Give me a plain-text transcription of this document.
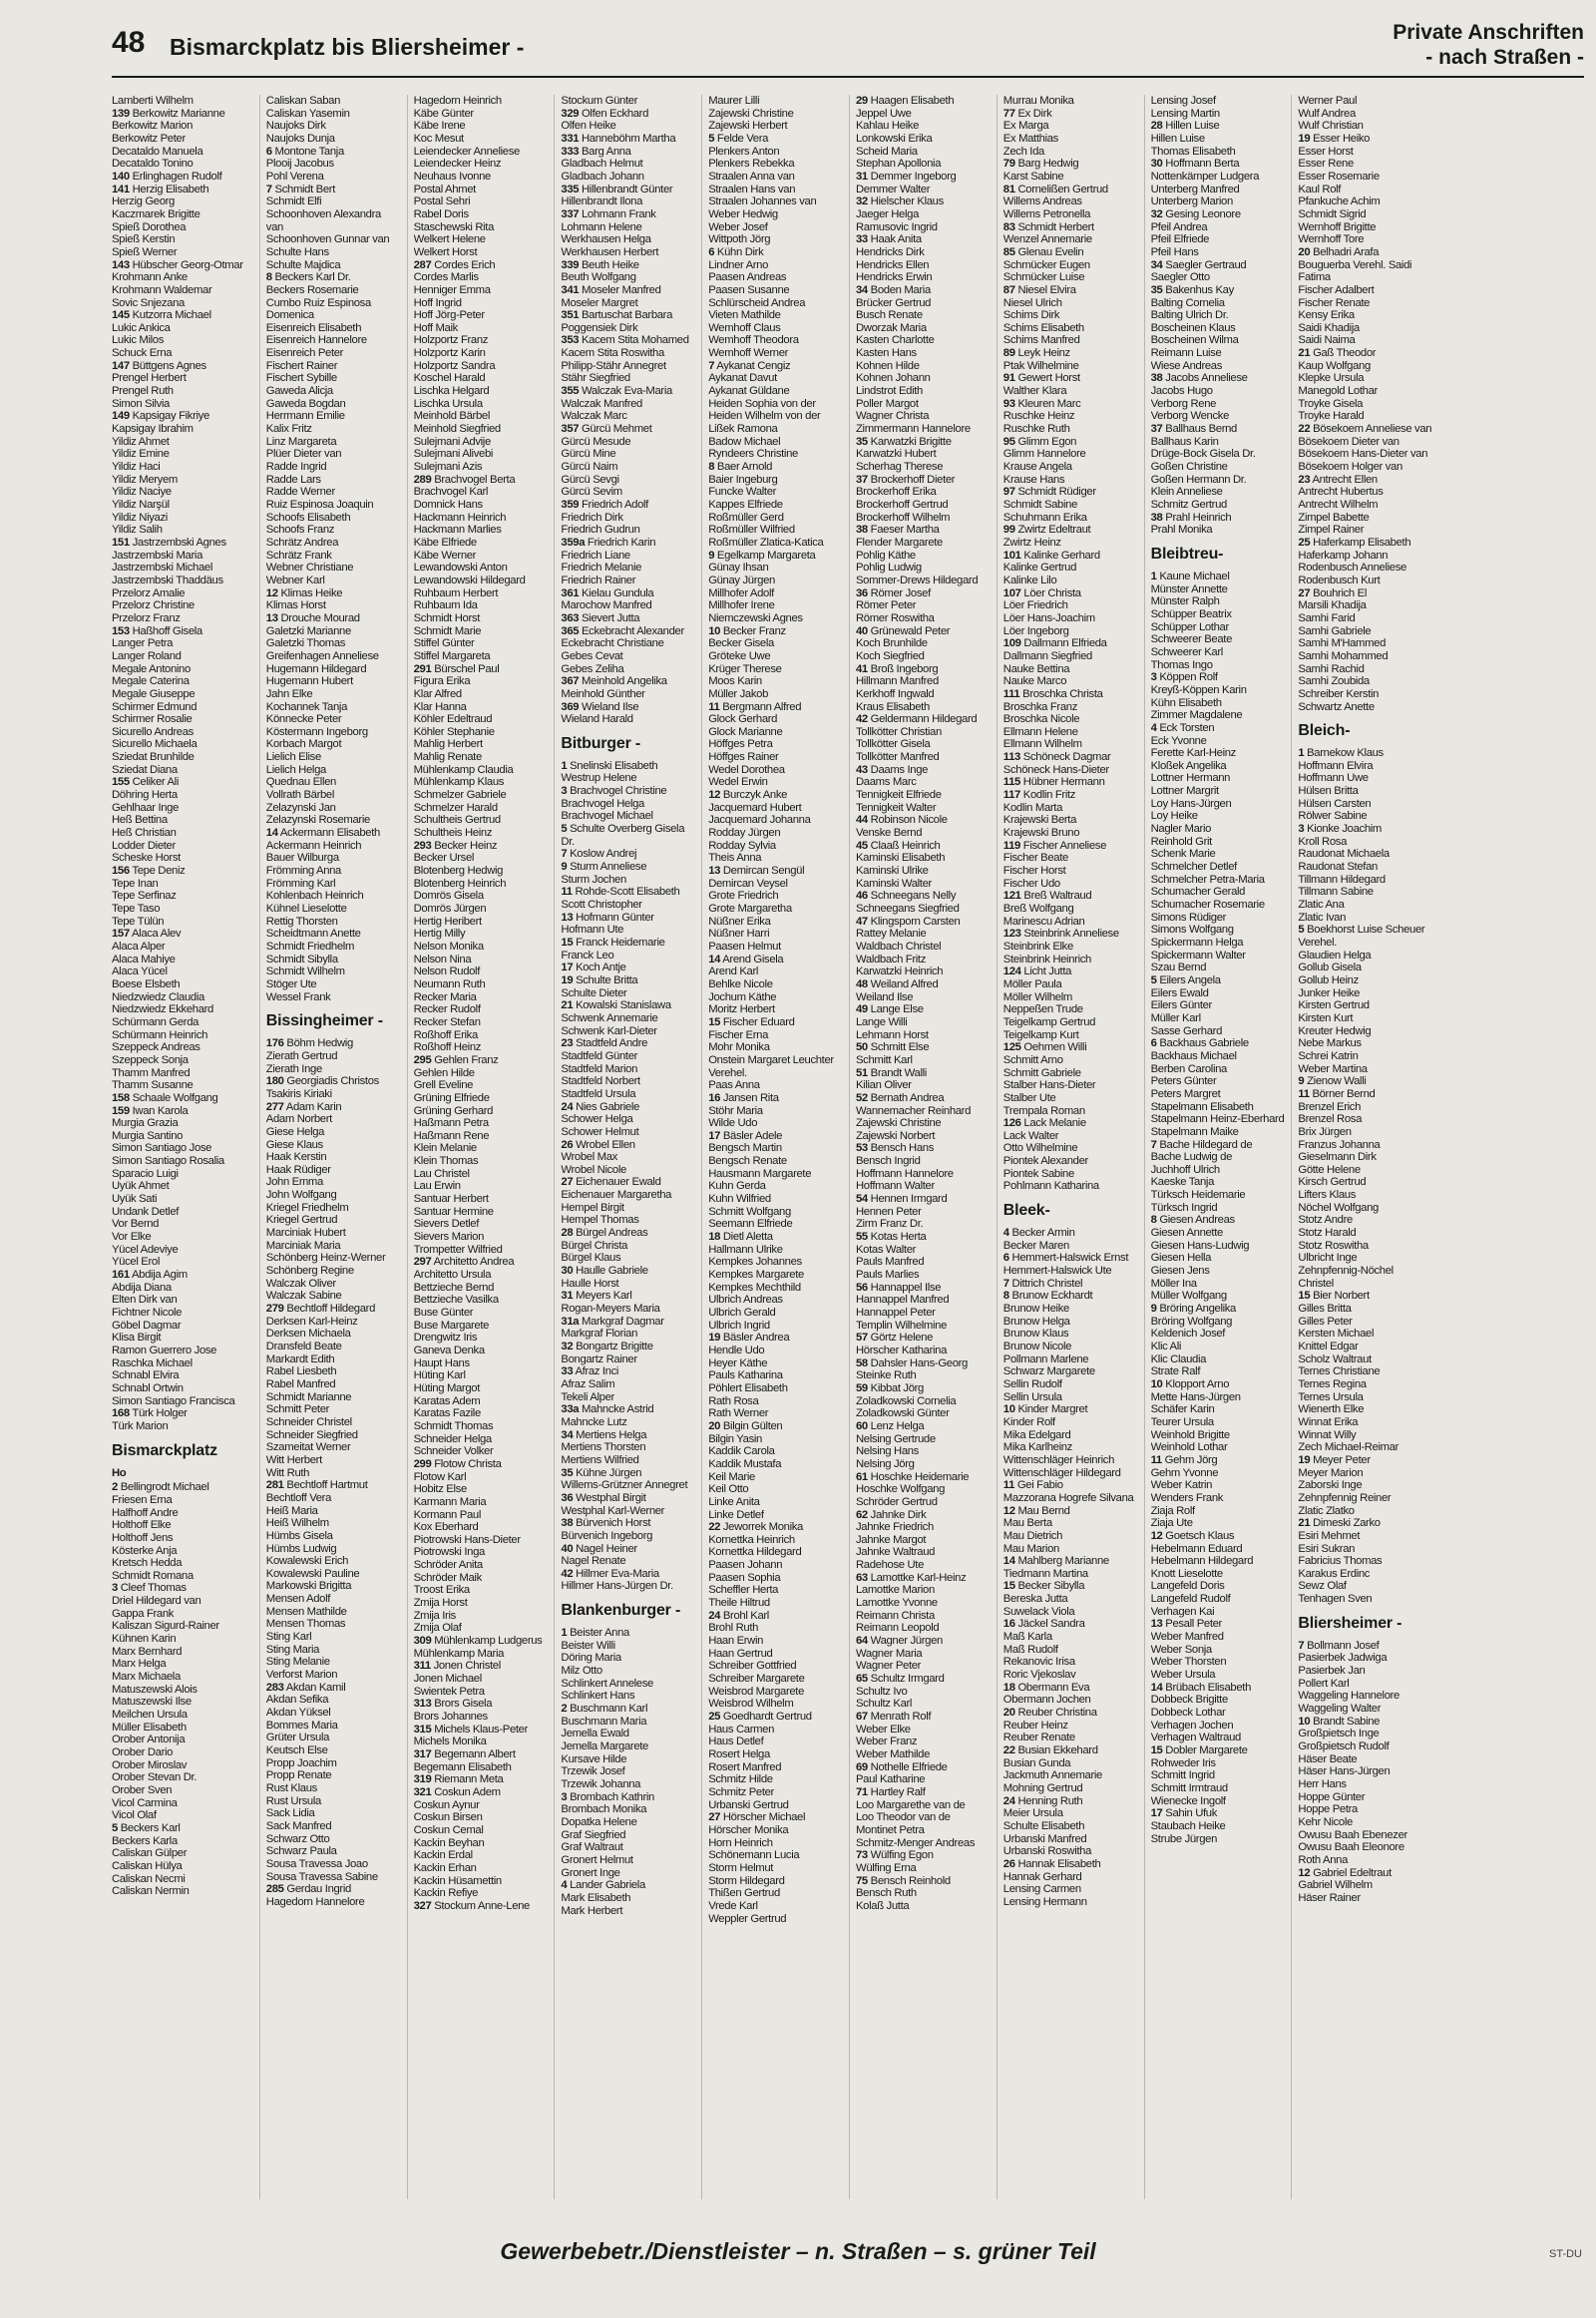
48 Bismarckplatz bis Bliersheimer -
Private Anschriften
- nach Straßen -
Lamberti Wilhelm
139 Berkowitz Marianne
Berkowitz Marion
Berkowitz Peter
Decataldo Manuela
Decataldo Tonino
140 Erlinghagen Rudolf
141 Herzig Elisabeth
Herzig Georg
Kaczmarek Brigitte
Spieß Dorothea
Spieß Kerstin
Spieß Werner
143 Hübscher Georg-Otmar
Krohmann Anke
Krohmann Waldemar
Sovic Snjezana
145 Kutzorra Michael
Lukic Ankica
Lukic Milos
Schuck Erna
147 Büttgens Agnes
Prengel Herbert
Prengel Ruth
Simon Silvia
149 Kapsigay Fikriye
Kapsigay Ibrahim
Yildiz Ahmet
Yildiz Emine
Yildiz Haci
Yildiz Meryem
Yildiz Naciye
Yildiz Narşül
Yildiz Niyazi
Yildiz Salih
151 Jastrzembski Agnes
Jastrzembski Maria
Jastrzembski Michael
Jastrzembski Thaddäus
Przelorz Amalie
Przelorz Christine
Przelorz Franz
153 Haßhoff Gisela
Langer Petra
Langer Roland
Megale Antonino
Megale Caterina
Megale Giuseppe
Schirmer Edmund
Schirmer Rosalie
Sicurello Andreas
Sicurello Michaela
Sziedat Brunhilde
Sziedat Diana
155 Celiker Ali
Döhring Herta
Gehlhaar Inge
Heß Bettina
Heß Christian
Lodder Dieter
Scheske Horst
156 Tepe Deniz
Tepe Inan
Tepe Serfinaz
Tepe Taso
Tepe Tülün
157 Alaca Alev
Alaca Alper
Alaca Mahiye
Alaca Yücel
Boese Elsbeth
Niedzwiedz Claudia
Niedzwiedz Ekkehard
Schürmann Gerda
Schürmann Heinrich
Szeppeck Andreas
Szeppeck Sonja
Thamm Manfred
Thamm Susanne
158 Schaale Wolfgang
159 Iwan Karola
Murgia Grazia
Murgia Santino
Simon Santiago Jose
Simon Santiago Rosalia
Sparacio Luigi
Uyük Ahmet
Uyük Sati
Undank Detlef
Vor Bernd
Vor Elke
Yücel Adeviye
Yücel Erol
161 Abdija Agim
Abdija Diana
Elten Dirk van
Fichtner Nicole
Göbel Dagmar
Klisa Birgit
Ramon Guerrero Jose
Raschka Michael
Schnabl Elvira
Schnabl Ortwin
Simon Santiago Francisca
168 Türk Holger
Türk Marion
Bismarckplatz
Ho
2 Bellingrodt Michael
Friesen Erna
Halfhoff Andre
Holthoff Elke
Holthoff Jens
Kösterke Anja
Kretsch Hedda
Schmidt Romana
3 Cleef Thomas
Driel Hildegard van
Gappa Frank
Kaliszan Sigurd-Rainer
Kühnen Karin
Marx Bernhard
Marx Helga
Marx Michaela
Matuszewski Alois
Matuszewski Ilse
Meilchen Ursula
Müller Elisabeth
Orober Antonija
Orober Dario
Orober Miroslav
Orober Stevan Dr.
Orober Sven
Vicol Carmina
Vicol Olaf
5 Beckers Karl
Beckers Karla
Caliskan Gülper
Caliskan Hülya
Caliskan Necmi
Caliskan Nermin
Caliskan Saban
Caliskan Yasemin
Naujoks Dirk
Naujoks Dunja
6 Montone Tanja
Plooij Jacobus
Pohl Verena
7 Schmidt Bert
Schmidt Elfi
Schoonhoven Alexandra
van
Schoonhoven Gunnar van
Schulte Hans
Schulte Majdica
8 Beckers Karl Dr.
Beckers Rosemarie
Cumbo Ruiz Espinosa
Domenica
Eisenreich Elisabeth
Eisenreich Hannelore
Eisenreich Peter
Fischert Rainer
Fischert Sybille
Gaweda Alicja
Gaweda Bogdan
Herrmann Emilie
Kalix Fritz
Linz Margareta
Plüer Dieter van
Radde Ingrid
Radde Lars
Radde Werner
Ruiz Espinosa Joaquin
Schoofs Elisabeth
Schoofs Franz
Schrätz Andrea
Schrätz Frank
Webner Christiane
Webner Karl
12 Klimas Heike
Klimas Horst
13 Drouche Mourad
Galetzki Marianne
Galetzki Thomas
Greifenhagen Anneliese
Hugemann Hildegard
Hugemann Hubert
Jahn Elke
Kochannek Tanja
Könnecke Peter
Köstermann Ingeborg
Korbach Margot
Lielich Elise
Lielich Helga
Quednau Ellen
Vollrath Bärbel
Zelazynski Jan
Zelazynski Rosemarie
14 Ackermann Elisabeth
Ackermann Heinrich
Bauer Wilburga
Frömming Anna
Frömming Karl
Kohlenbach Heinrich
Kühnel Lieselotte
Rettig Thorsten
Scheidtmann Anette
Schmidt Friedhelm
Schmidt Sibylla
Schmidt Wilhelm
Stöger Ute
Wessel Frank
Bissingheimer -
176 Böhm Hedwig
Zierath Gertrud
Zierath Inge
180 Georgiadis Christos
Tsakiris Kiriaki
277 Adam Karin
Adam Norbert
Giese Helga
Giese Klaus
Haak Kerstin
Haak Rüdiger
John Emma
John Wolfgang
Kriegel Friedhelm
Kriegel Gertrud
Marciniak Hubert
Marciniak Maria
Schönberg Heinz-Werner
Schönberg Regine
Walczak Oliver
Walczak Sabine
279 Bechtloff Hildegard
Derksen Karl-Heinz
Derksen Michaela
Dransfeld Beate
Markardt Edith
Rabel Liesbeth
Rabel Manfred
Schmidt Marianne
Schmitt Peter
Schneider Christel
Schneider Siegfried
Szameitat Werner
Witt Herbert
Witt Ruth
281 Bechtloff Hartmut
Bechtloff Vera
Heiß Maria
Heiß Wilhelm
Hümbs Gisela
Hümbs Ludwig
Kowalewski Erich
Kowalewski Pauline
Markowski Brigitta
Mensen Adolf
Mensen Mathilde
Mensen Thomas
Sting Karl
Sting Maria
Sting Melanie
Verforst Marion
283 Akdan Kamil
Akdan Sefika
Akdan Yüksel
Bommes Maria
Grüter Ursula
Keutsch Else
Propp Joachim
Propp Renate
Rust Klaus
Rust Ursula
Sack Lidia
Sack Manfred
Schwarz Otto
Schwarz Paula
Sousa Travessa Joao
Sousa Travessa Sabine
285 Gerdau Ingrid
Hagedorn Hannelore
Hagedorn Heinrich
Käbe Günter
Käbe Irene
Koc Mesut
Leiendecker Anneliese
Leiendecker Heinz
Neuhaus Ivonne
Postal Ahmet
Postal Sehri
Rabel Doris
Staschewski Rita
Welkert Helene
Welkert Horst
287 Cordes Erich
Cordes Marlis
Henniger Emma
Hoff Ingrid
Hoff Jörg-Peter
Hoff Maik
Holzportz Franz
Holzportz Karin
Holzportz Sandra
Koschel Harald
Lischka Helgard
Lischka Ursula
Meinhold Bärbel
Meinhold Siegfried
Sulejmani Advije
Sulejmani Alivebi
Sulejmani Azis
289 Brachvogel Berta
Brachvogel Karl
Domnick Hans
Hackmann Heinrich
Hackmann Marlies
Käbe Elfriede
Käbe Werner
Lewandowski Anton
Lewandowski Hildegard
Ruhbaum Herbert
Ruhbaum Ida
Schmidt Horst
Schmidt Marie
Stiffel Günter
Stiffel Margareta
291 Bürschel Paul
Figura Erika
Klar Alfred
Klar Hanna
Köhler Edeltraud
Köhler Stephanie
Mahlig Herbert
Mahlig Renate
Mühlenkamp Claudia
Mühlenkamp Klaus
Schmelzer Gabriele
Schmelzer Harald
Schultheis Gertrud
Schultheis Heinz
293 Becker Heinz
Becker Ursel
Blotenberg Hedwig
Blotenberg Heinrich
Domrös Gisela
Domrös Jürgen
Hertig Heribert
Hertig Milly
Nelson Monika
Nelson Nina
Nelson Rudolf
Neumann Ruth
Recker Maria
Recker Rudolf
Recker Stefan
Roßhoff Erika
Roßhoff Heinz
295 Gehlen Franz
Gehlen Hilde
Grell Eveline
Grüning Elfriede
Grüning Gerhard
Haßmann Petra
Haßmann Rene
Klein Melanie
Klein Thomas
Lau Christel
Lau Erwin
Santuar Herbert
Santuar Hermine
Sievers Detlef
Sievers Marion
Trompetter Wilfried
297 Architetto Andrea
Architetto Ursula
Bettzieche Bernd
Bettzieche Vasilka
Buse Günter
Buse Margarete
Drengwitz Iris
Ganeva Denka
Haupt Hans
Hüting Karl
Hüting Margot
Karatas Adem
Karatas Fazile
Schmidt Thomas
Schneider Helga
Schneider Volker
299 Flotow Christa
Flotow Karl
Hobitz Else
Karmann Maria
Kormann Paul
Kox Eberhard
Piotrowski Hans-Dieter
Piotrowski Inga
Schröder Anita
Schröder Maik
Troost Erika
Zmija Horst
Zmija Iris
Zmija Olaf
309 Mühlenkamp Ludgerus
Mühlenkamp Maria
311 Jonen Christel
Jonen Michael
Swientek Petra
313 Brors Gisela
Brors Johannes
315 Michels Klaus-Peter
Michels Monika
317 Begemann Albert
Begemann Elisabeth
319 Riemann Meta
321 Coskun Adem
Coskun Aynur
Coskun Birsen
Coskun Cemal
Kackin Beyhan
Kackin Erdal
Kackin Erhan
Kackin Hüsamettin
Kackin Refiye
327 Stockum Anne-Lene
Stockum Günter
329 Olfen Eckhard
Olfen Heike
331 Hanneböhm Martha
333 Barg Anna
Gladbach Helmut
Gladbach Johann
335 Hillenbrandt Günter
Hillenbrandt Ilona
337 Lohmann Frank
Lohmann Helene
Werkhausen Helga
Werkhausen Herbert
339 Beuth Heike
Beuth Wolfgang
341 Moseler Manfred
Moseler Margret
351 Bartuschat Barbara
Poggensiek Dirk
353 Kacem Stita Mohamed
Kacem Stita Roswitha
Philipp-Stähr Annegret
Stähr Siegfried
355 Walczak Eva-Maria
Walczak Manfred
Walczak Marc
357 Gürcü Mehmet
Gürcü Mesude
Gürcü Mine
Gürcü Naim
Gürcü Sevgi
Gürcü Sevim
359 Friedrich Adolf
Friedrich Dirk
Friedrich Gudrun
359a Friedrich Karin
Friedrich Liane
Friedrich Melanie
Friedrich Rainer
361 Kielau Gundula
Marochow Manfred
363 Sievert Jutta
365 Eckebracht Alexander
Eckebracht Christiane
Gebes Cevat
Gebes Zeliha
367 Meinhold Angelika
Meinhold Günther
369 Wieland Ilse
Wieland Harald
Bitburger -
1 Snelinski Elisabeth
Westrup Helene
3 Brachvogel Christine
Brachvogel Helga
Brachvogel Michael
5 Schulte Overberg Gisela
Dr.
7 Koslow Andrej
9 Sturm Anneliese
Sturm Jochen
11 Rohde-Scott Elisabeth
Scott Christopher
13 Hofmann Günter
Hofmann Ute
15 Franck Heidemarie
Franck Leo
17 Koch Antje
19 Schulte Britta
Schulte Dieter
21 Kowalski Stanislawa
Schwenk Annemarie
Schwenk Karl-Dieter
23 Stadtfeld Andre
Stadtfeld Günter
Stadtfeld Marion
Stadtfeld Norbert
Stadtfeld Ursula
24 Nies Gabriele
Schower Helga
Schower Helmut
26 Wrobel Ellen
Wrobel Max
Wrobel Nicole
27 Eichenauer Ewald
Eichenauer Margaretha
Hempel Birgit
Hempel Thomas
28 Bürgel Andreas
Bürgel Christa
Bürgel Klaus
30 Haulle Gabriele
Haulle Horst
31 Meyers Karl
Rogan-Meyers Maria
31a Markgraf Dagmar
Markgraf Florian
32 Bongartz Brigitte
Bongartz Rainer
33 Afraz Inci
Afraz Salim
Tekeli Alper
33a Mahncke Astrid
Mahncke Lutz
34 Mertiens Helga
Mertiens Thorsten
Mertiens Wilfried
35 Kühne Jürgen
Willems-Grützner Annegret
36 Westphal Birgit
Westphal Karl-Werner
38 Bürvenich Horst
Bürvenich Ingeborg
40 Nagel Heiner
Nagel Renate
42 Hillmer Eva-Maria
Hillmer Hans-Jürgen Dr.
Blankenburger -
1 Beister Anna
Beister Willi
Döring Maria
Milz Otto
Schlinkert Annelese
Schlinkert Hans
2 Buschmann Karl
Buschmann Maria
Jemella Ewald
Jemella Margarete
Kursave Hilde
Trzewik Josef
Trzewik Johanna
3 Brombach Kathrin
Brombach Monika
Dopatka Helene
Graf Siegfried
Graf Waltraut
Gronert Helmut
Gronert Inge
4 Lander Gabriela
Mark Elisabeth
Mark Herbert
Maurer Lilli
Zajewski Christine
Zajewski Herbert
5 Felde Vera
Plenkers Anton
Plenkers Rebekka
Straalen Anna van
Straalen Hans van
Straalen Johannes van
Weber Hedwig
Weber Josef
Wittpoth Jörg
6 Kühn Dirk
Lindner Arno
Paasen Andreas
Paasen Susanne
Schlürscheid Andrea
Vieten Mathilde
Wemhoff Claus
Wemhoff Theodora
Wemhoff Werner
7 Aykanat Cengiz
Aykanat Davut
Aykanat Güldane
Heiden Sophia von der
Heiden Wilhelm von der
Lißek Ramona
Badow Michael
Ryndeers Christine
8 Baer Arnold
Baier Ingeburg
Funcke Walter
Kappes Elfriede
Roßmüller Gerd
Roßmüller Wilfried
Roßmüller Zlatica-Katica
9 Egelkamp Margareta
Günay Ihsan
Günay Jürgen
Millhofer Adolf
Millhofer Irene
Niemczewski Agnes
10 Becker Franz
Becker Gisela
Gröteke Uwe
Krüger Therese
Moos Karin
Müller Jakob
11 Bergmann Alfred
Glock Gerhard
Glock Marianne
Höffges Petra
Höffges Rainer
Wedel Dorothea
Wedel Erwin
12 Burczyk Anke
Jacquemard Hubert
Jacquemard Johanna
Rodday Jürgen
Rodday Sylvia
Theis Anna
13 Demircan Sengül
Demircan Veysel
Grote Friedrich
Grote Margaretha
Nüßner Erika
Nüßner Harri
Paasen Helmut
14 Arend Gisela
Arend Karl
Behlke Nicole
Jochum Käthe
Moritz Herbert
15 Fischer Eduard
Fischer Erna
Mohr Monika
Onstein Margaret Leuchter
Verehel.
Paas Anna
16 Jansen Rita
Stöhr Maria
Wilde Udo
17 Bäsler Adele
Bengsch Martin
Bengsch Renate
Hausmann Margarete
Kuhn Gerda
Kuhn Wilfried
Schmitt Wolfgang
Seemann Elfriede
18 Dietl Aletta
Hallmann Ulrike
Kempkes Johannes
Kempkes Margarete
Kempkes Mechthild
Ulbrich Andreas
Ulbrich Gerald
Ulbrich Ingrid
19 Bäsler Andrea
Hendle Udo
Heyer Käthe
Pauls Katharina
Pöhlert Elisabeth
Rath Rosa
Rath Werner
20 Bilgin Gülten
Bilgin Yasin
Kaddik Carola
Kaddik Mustafa
Keil Marie
Keil Otto
Linke Anita
Linke Detlef
22 Jeworrek Monika
Kornettka Heinrich
Kornettka Hildegard
Paasen Johann
Paasen Sophia
Scheffler Herta
Theile Hiltrud
24 Brohl Karl
Brohl Ruth
Haan Erwin
Haan Gertrud
Schreiber Gottfried
Schreiber Margarete
Weisbrod Margarete
Weisbrod Wilhelm
25 Goedhardt Gertrud
Haus Carmen
Haus Detlef
Rosert Helga
Rosert Manfred
Schmitz Hilde
Schmitz Peter
Urbanski Gertrud
27 Hörscher Michael
Hörscher Monika
Horn Heinrich
Schönemann Lucia
Storm Helmut
Storm Hildegard
Thißen Gertrud
Vrede Karl
Weppler Gertrud
29 Haagen Elisabeth
Jeppel Uwe
Kahlau Heike
Lonkowski Erika
Scheid Maria
Stephan Apollonia
31 Demmer Ingeborg
Demmer Walter
32 Hielscher Klaus
Jaeger Helga
Ramusovic Ingrid
33 Haak Anita
Hendricks Dirk
Hendricks Ellen
Hendricks Erwin
34 Boden Maria
Brücker Gertrud
Busch Renate
Dworzak Maria
Kasten Charlotte
Kasten Hans
Kohnen Hilde
Kohnen Johann
Lindstrot Edith
Poller Margot
Wagner Christa
Zimmermann Hannelore
35 Karwatzki Brigitte
Karwatzki Hubert
Scherhag Therese
37 Brockerhoff Dieter
Brockerhoff Erika
Brockerhoff Gertrud
Brockerhoff Wilhelm
38 Faeser Martha
Flender Margarete
Pohlig Käthe
Pohlig Ludwig
Sommer-Drews Hildegard
36 Römer Josef
Römer Peter
Römer Roswitha
40 Grünewald Peter
Koch Brunhilde
Koch Siegfried
41 Broß Ingeborg
Hillmann Manfred
Kerkhoff Ingwald
Kraus Elisabeth
42 Geldermann Hildegard
Tollkötter Christian
Tollkötter Gisela
Tollkötter Manfred
43 Daams Inge
Daams Marc
Tennigkeit Elfriede
Tennigkeit Walter
44 Robinson Nicole
Venske Bernd
45 Claaß Heinrich
Kaminski Elisabeth
Kaminski Ulrike
Kaminski Walter
46 Schneegans Nelly
Schneegans Siegfried
47 Klingsporn Carsten
Rattey Melanie
Waldbach Christel
Waldbach Fritz
Karwatzki Heinrich
48 Weiland Alfred
Weiland Ilse
49 Lange Else
Lange Willi
Lehmann Horst
50 Schmitt Else
Schmitt Karl
51 Brandt Walli
Kilian Oliver
52 Bernath Andrea
Wannemacher Reinhard
Zajewski Christine
Zajewski Norbert
53 Bensch Hans
Bensch Ingrid
Hoffmann Hannelore
Hoffmann Walter
54 Hennen Irmgard
Hennen Peter
Zirm Franz Dr.
55 Kotas Herta
Kotas Walter
Pauls Manfred
Pauls Marlies
56 Hannappel Ilse
Hannappel Manfred
Hannappel Peter
Templin Wilhelmine
57 Görtz Helene
Hörscher Katharina
58 Dahsler Hans-Georg
Steinke Ruth
59 Kibbat Jörg
Zoladkowski Cornelia
Zoladkowski Günter
60 Lenz Helga
Nelsing Gertrude
Nelsing Hans
Nelsing Jörg
61 Hoschke Heidemarie
Hoschke Wolfgang
Schröder Gertrud
62 Jahnke Dirk
Jahnke Friedrich
Jahnke Margot
Jahnke Waltraud
Radehose Ute
63 Lamottke Karl-Heinz
Lamottke Marion
Lamottke Yvonne
Reimann Christa
Reimann Leopold
64 Wagner Jürgen
Wagner Maria
Wagner Peter
65 Schultz Irmgard
Schultz Ivo
Schultz Karl
67 Menrath Rolf
Weber Elke
Weber Franz
Weber Mathilde
69 Nothelle Elfriede
Paul Katharine
71 Hartley Ralf
Loo Margarethe van de
Loo Theodor van de
Montinet Petra
Schmitz-Menger Andreas
73 Wülfing Egon
Wülfing Erna
75 Bensch Reinhold
Bensch Ruth
Kolaß Jutta
Murrau Monika
77 Ex Dirk
Ex Marga
Ex Matthias
Zech Ida
79 Barg Hedwig
Karst Sabine
81 Cornelißen Gertrud
Willems Andreas
Willems Petronella
83 Schmidt Herbert
Wenzel Annemarie
85 Glenau Evelin
Schmücker Eugen
Schmücker Luise
87 Niesel Elvira
Niesel Ulrich
Schims Dirk
Schims Elisabeth
Schims Manfred
89 Leyk Heinz
Ptak Wilhelmine
91 Gewert Horst
Walther Klara
93 Kleuren Marc
Ruschke Heinz
Ruschke Ruth
95 Glimm Egon
Glimm Hannelore
Krause Angela
Krause Hans
97 Schmidt Rüdiger
Schmidt Sabine
Schuhmann Erika
99 Zwirtz Edeltraut
Zwirtz Heinz
101 Kalinke Gerhard
Kalinke Gertrud
Kalinke Lilo
107 Löer Christa
Löer Friedrich
Löer Hans-Joachim
Löer Ingeborg
109 Dallmann Elfrieda
Dallmann Siegfried
Nauke Bettina
Nauke Marco
111 Broschka Christa
Broschka Franz
Broschka Nicole
Ellmann Helene
Ellmann Wilhelm
113 Schöneck Dagmar
Schöneck Hans-Dieter
115 Hübner Hermann
117 Kodlin Fritz
Kodlin Marta
Krajewski Berta
Krajewski Bruno
119 Fischer Anneliese
Fischer Beate
Fischer Horst
Fischer Udo
121 Breß Waltraud
Breß Wolfgang
Marinescu Adrian
123 Steinbrink Anneliese
Steinbrink Elke
Steinbrink Heinrich
124 Licht Jutta
Möller Paula
Möller Wilhelm
Neppeßen Trude
Teigelkamp Gertrud
Teigelkamp Kurt
125 Oehmen Willi
Schmitt Arno
Schmitt Gabriele
Stalber Hans-Dieter
Stalber Ute
Trempala Roman
126 Lack Melanie
Lack Walter
Otto Wilhelmine
Piontek Alexander
Piontek Sabine
Pohlmann Katharina
Bleek-
4 Becker Armin
Becker Maren
6 Hemmert-Halswick Ernst
Hemmert-Halswick Ute
7 Dittrich Christel
8 Brunow Eckhardt
Brunow Heike
Brunow Helga
Brunow Klaus
Brunow Nicole
Pollmann Marlene
Schwarz Margarete
Sellin Rudolf
Sellin Ursula
10 Kinder Margret
Kinder Rolf
Mika Edelgard
Mika Karlheinz
Wittenschläger Heinrich
Wittenschläger Hildegard
11 Gei Fabio
Mazzorana Hogrefe Silvana
12 Mau Bernd
Mau Berta
Mau Dietrich
Mau Marion
14 Mahlberg Marianne
Tiedmann Martina
15 Becker Sibylla
Bereska Jutta
Suwelack Viola
16 Jäckel Sandra
Maß Karla
Maß Rudolf
Rekanovic Irisa
Roric Vjekoslav
18 Obermann Eva
Obermann Jochen
20 Reuber Christina
Reuber Heinz
Reuber Renate
22 Busian Ekkehard
Busian Gunda
Jackmuth Annemarie
Mohning Gertrud
24 Henning Ruth
Meier Ursula
Schulte Elisabeth
Urbanski Manfred
Urbanski Roswitha
26 Hannak Elisabeth
Hannak Gerhard
Lensing Carmen
Lensing Hermann
Lensing Josef
Lensing Martin
28 Hillen Luise
Hillen Luise
Thomas Elisabeth
30 Hoffmann Berta
Nottenkämper Ludgera
Unterberg Manfred
Unterberg Marion
32 Gesing Leonore
Pfeil Andrea
Pfeil Elfriede
Pfeil Hans
34 Saegler Gertraud
Saegler Otto
35 Bakenhus Kay
Balting Cornelia
Balting Ulrich Dr.
Boscheinen Klaus
Boscheinen Wilma
Reimann Luise
Wiese Andreas
38 Jacobs Anneliese
Jacobs Hugo
Verborg Rene
Verborg Wencke
37 Ballhaus Bernd
Ballhaus Karin
Drüge-Bock Gisela Dr.
Goßen Christine
Goßen Hermann Dr.
Klein Anneliese
Schmitz Gertrud
38 Prahl Heinrich
Prahl Monika
Bleibtreu-
1 Kaune Michael
Münster Annette
Münster Ralph
Schüpper Beatrix
Schüpper Lothar
Schweerer Beate
Schweerer Karl
Thomas Ingo
3 Köppen Rolf
Kreyß-Köppen Karin
Kühn Elisabeth
Zimmer Magdalene
4 Eck Torsten
Eck Yvonne
Ferette Karl-Heinz
Kloßek Angelika
Lottner Hermann
Lottner Margrit
Loy Hans-Jürgen
Loy Heike
Nagler Mario
Reinhold Grit
Schenk Marie
Schmelcher Detlef
Schmelcher Petra-Maria
Schumacher Gerald
Schumacher Rosemarie
Simons Rüdiger
Simons Wolfgang
Spickermann Helga
Spickermann Walter
Szau Bernd
5 Eilers Angela
Eilers Ewald
Eilers Günter
Müller Karl
Sasse Gerhard
6 Backhaus Gabriele
Backhaus Michael
Berben Carolina
Peters Günter
Peters Margret
Stapelmann Elisabeth
Stapelmann Heinz-Eberhard
Stapelmann Maike
7 Bache Hildegard de
Bache Ludwig de
Juchhoff Ulrich
Kaeske Tanja
Türksch Heidemarie
Türksch Ingrid
8 Giesen Andreas
Giesen Annette
Giesen Hans-Ludwig
Giesen Hella
Giesen Jens
Möller Ina
Müller Wolfgang
9 Bröring Angelika
Bröring Wolfgang
Keldenich Josef
Klic Ali
Klic Claudia
Strate Ralf
10 Klopport Arno
Mette Hans-Jürgen
Schäfer Karin
Teurer Ursula
Weinhold Brigitte
Weinhold Lothar
11 Gehm Jörg
Gehm Yvonne
Weber Katrin
Wenders Frank
Ziaja Rolf
Ziaja Ute
12 Goetsch Klaus
Hebelmann Eduard
Hebelmann Hildegard
Knott Lieselotte
Langefeld Doris
Langefeld Rudolf
Verhagen Kai
13 Pesall Peter
Weber Manfred
Weber Sonja
Weber Thorsten
Weber Ursula
14 Brübach Elisabeth
Dobbeck Brigitte
Dobbeck Lothar
Verhagen Jochen
Verhagen Waltraud
15 Dobler Margarete
Rohweder Iris
Schmitt Ingrid
Schmitt Irmtraud
Wienecke Ingolf
17 Sahin Ufuk
Staubach Heike
Strube Jürgen
Werner Paul
Wulf Andrea
Wulf Christian
19 Esser Heiko
Esser Horst
Esser Rene
Esser Rosemarie
Kaul Rolf
Pfankuche Achim
Schmidt Sigrid
Wernhoff Brigitte
Wernhoff Tore
20 Belhadri Arafa
Bouguerba Verehl. Saidi
Fatima
Fischer Adalbert
Fischer Renate
Kensy Erika
Saidi Khadija
Saidi Naima
21 Gaß Theodor
Kaup Wolfgang
Klepke Ursula
Manegold Lothar
Troyke Gisela
Troyke Harald
22 Bösekoem Anneliese van
Bösekoem Dieter van
Bösekoem Hans-Dieter van
Bösekoem Holger van
23 Antrecht Ellen
Antrecht Hubertus
Antrecht Wilhelm
Zimpel Babette
Zimpel Rainer
25 Haferkamp Elisabeth
Haferkamp Johann
Rodenbusch Anneliese
Rodenbusch Kurt
27 Bouhrich El
Marsili Khadija
Samhi Farid
Samhi Gabriele
Samhi M'Hammed
Samhi Mohammed
Samhi Rachid
Samhi Zoubida
Schreiber Kerstin
Schwartz Anette
Bleich-
1 Barnekow Klaus
Hoffmann Elvira
Hoffmann Uwe
Hülsen Britta
Hülsen Carsten
Rölwer Sabine
3 Kionke Joachim
Kroll Rosa
Raudonat Michaela
Raudonat Stefan
Tillmann Hildegard
Tillmann Sabine
Zlatic Ana
Zlatic Ivan
5 Boekhorst Luise Scheuer
Verehel.
Glaudien Helga
Gollub Gisela
Gollub Heinz
Junker Heike
Kirsten Gertrud
Kirsten Kurt
Kreuter Hedwig
Nebe Markus
Schrei Katrin
Weber Martina
9 Zienow Walli
11 Börner Bernd
Brenzel Erich
Brenzel Rosa
Brix Jürgen
Franzus Johanna
Gieselmann Dirk
Götte Helene
Kirsch Gertrud
Lifters Klaus
Nöchel Wolfgang
Stotz Andre
Stotz Harald
Stotz Roswitha
Ulbricht Inge
Zehnpfennig-Nöchel
Christel
15 Bier Norbert
Gilles Britta
Gilles Peter
Kersten Michael
Knittel Edgar
Scholz Waltraut
Ternes Christiane
Ternes Regina
Ternes Ursula
Wienerth Elke
Winnat Erika
Winnat Willy
Zech Michael-Reimar
19 Meyer Peter
Meyer Marion
Zaborski Inge
Zehnpfennig Reiner
Zlatic Zlatko
21 Dimeski Zarko
Esiri Mehmet
Esiri Sukran
Fabricius Thomas
Karakus Erdinc
Sewz Olaf
Tenhagen Sven
Bliersheimer -
7 Bollmann Josef
Pasierbek Jadwiga
Pasierbek Jan
Pollert Karl
Waggeling Hannelore
Waggeling Walter
10 Brandt Sabine
Großpietsch Inge
Großpietsch Rudolf
Häser Beate
Häser Hans-Jürgen
Herr Hans
Hoppe Günter
Hoppe Petra
Kehr Nicole
Owusu Baah Ebenezer
Owusu Baah Eleonore
Roth Anna
12 Gabriel Edeltraut
Gabriel Wilhelm
Häser Rainer
Gewerbebetr./Dienstleister – n. Straßen – s. grüner Teil	ST-DU
